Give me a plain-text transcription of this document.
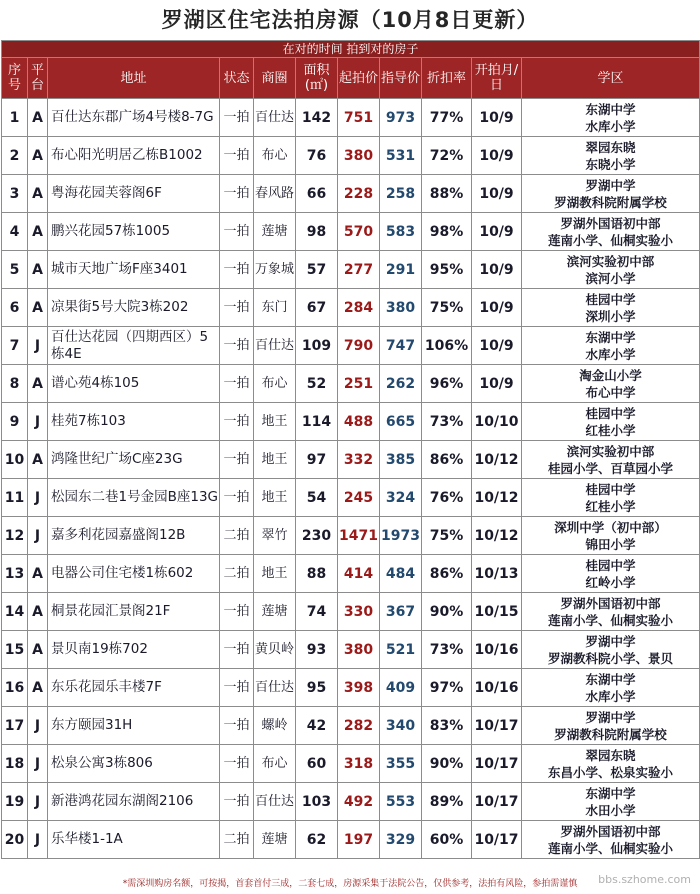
罗湖区住宅法拍房源（10月8日更新）
在对的时间 拍到对的房子										
序号	平台	地址	状态	商圈	面积(㎡)	起拍价	指导价	折扣率	开拍月/日	学区
1	A	百仕达东郡广场4号楼8-7G	一拍	百仕达	142	751	973	77%	10/9	东湖中学
水库小学

2	A	布心阳光明居乙栋B1002	一拍	布心	76	380	531	72%	10/9	翠园东晓
东晓小学

3	A	粤海花园芙蓉阁6F	一拍	春风路	66	228	258	88%	10/9	罗湖中学
罗湖教科院附属学校

4	A	鹏兴花园57栋1005	一拍	莲塘	98	570	583	98%	10/9	罗湖外国语初中部
莲南小学、仙桐实验小

5	A	城市天地广场F座3401	一拍	万象城	57	277	291	95%	10/9	滨河实验初中部
滨河小学

6	A	凉果街5号大院3栋202	一拍	东门	67	284	380	75%	10/9	桂园中学
深圳小学

7	J	百仕达花园（四期西区）5栋4E	一拍	百仕达	109	790	747	106%	10/9	东湖中学
水库小学

8	A	谱心苑4栋105	一拍	布心	52	251	262	96%	10/9	淘金山小学
布心中学

9	J	桂苑7栋103	一拍	地王	114	488	665	73%	10/10	桂园中学
红桂小学

10	A	鸿隆世纪广场C座23G	一拍	地王	97	332	385	86%	10/12	滨河实验初中部
桂园小学、百草园小学

11	J	松园东二巷1号金园B座13G	一拍	地王	54	245	324	76%	10/12	桂园中学
红桂小学

12	J	嘉多利花园嘉盛阁12B	二拍	翠竹	230	1471	1973	75%	10/12	深圳中学（初中部）
锦田小学

13	A	电器公司住宅楼1栋602	二拍	地王	88	414	484	86%	10/13	桂园中学
红岭小学

14	A	桐景花园汇景阁21F	一拍	莲塘	74	330	367	90%	10/15	罗湖外国语初中部
莲南小学、仙桐实验小

15	A	景贝南19栋702	一拍	黄贝岭	93	380	521	73%	10/16	罗湖中学
罗湖教科院小学、景贝

16	A	东乐花园乐丰楼7F	一拍	百仕达	95	398	409	97%	10/16	东湖中学
水库小学

17	J	东方颐园31H	一拍	螺岭	42	282	340	83%	10/17	罗湖中学
罗湖教科院附属学校

18	J	松泉公寓3栋806	一拍	布心	60	318	355	90%	10/17	翠园东晓
东昌小学、松泉实验小

19	J	新港鸿花园东湖阁2106	一拍	百仕达	103	492	553	89%	10/17	东湖中学
水田小学

20	J	乐华楼1-1A	二拍	莲塘	62	197	329	60%	10/17	罗湖外国语初中部
莲南小学、仙桐实验小
*需深圳购房名额，可按揭，首套首付三成，二套七成，房源采集于法院公告，仅供参考，法拍有风险，参拍需谨慎	bbs.szhome.com
